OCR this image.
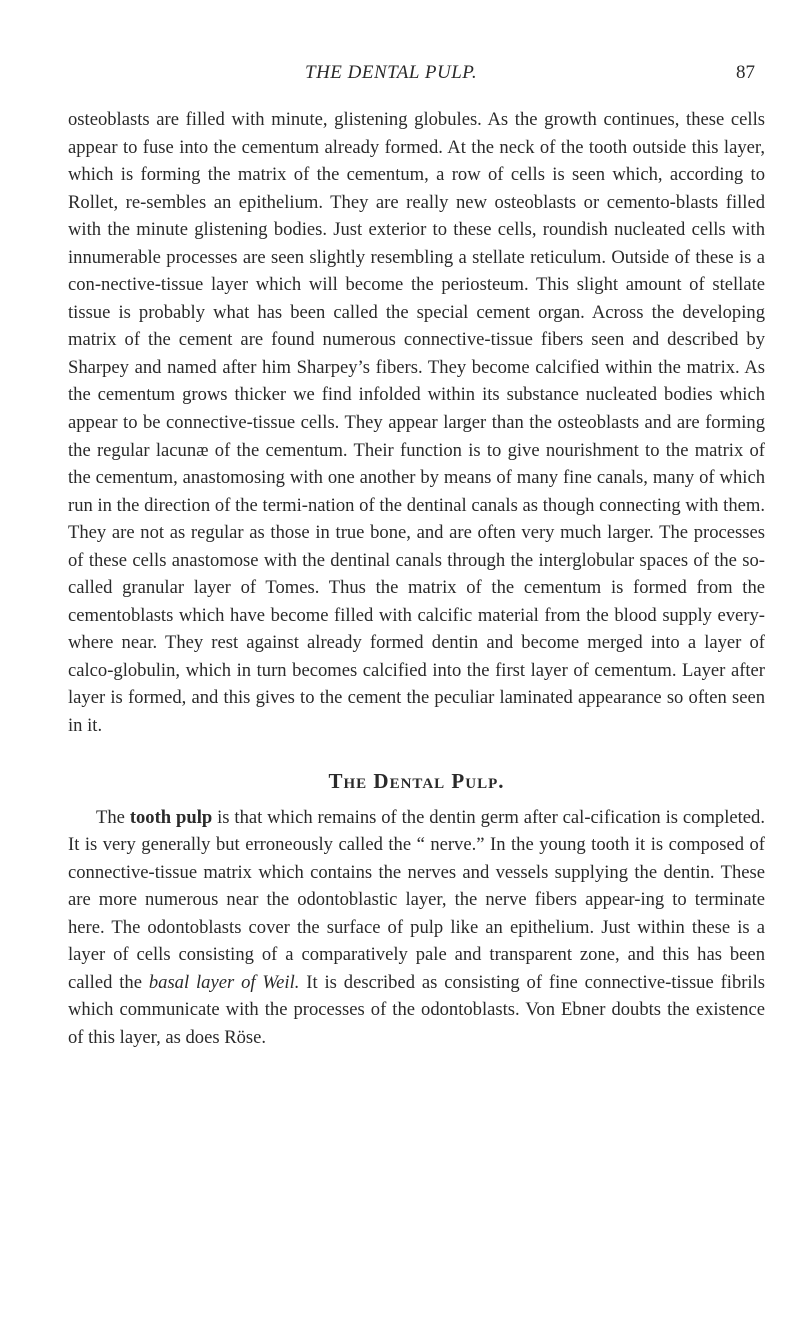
THE DENTAL PULP.	87

osteoblasts are filled with minute, glistening globules. As the growth continues, these cells appear to fuse into the cementum already formed. At the neck of the tooth outside this layer, which is forming the matrix of the cementum, a row of cells is seen which, according to Rollet, re-sembles an epithelium. They are really new osteoblasts or cemento-blasts filled with the minute glistening bodies. Just exterior to these cells, roundish nucleated cells with innumerable processes are seen slightly resembling a stellate reticulum. Outside of these is a con-nective-tissue layer which will become the periosteum. This slight amount of stellate tissue is probably what has been called the special cement organ. Across the developing matrix of the cement are found numerous connective-tissue fibers seen and described by Sharpey and named after him Sharpey’s fibers. They become calcified within the matrix. As the cementum grows thicker we find infolded within its substance nucleated bodies which appear to be connective-tissue cells. They appear larger than the osteoblasts and are forming the regular lacunæ of the cementum. Their function is to give nourishment to the matrix of the cementum, anastomosing with one another by means of many fine canals, many of which run in the direction of the termi-nation of the dentinal canals as though connecting with them. They are not as regular as those in true bone, and are often very much larger. The processes of these cells anastomose with the dentinal canals through the interglobular spaces of the so-called granular layer of Tomes. Thus the matrix of the cementum is formed from the cementoblasts which have become filled with calcific material from the blood supply every-where near. They rest against already formed dentin and become merged into a layer of calco-globulin, which in turn becomes calcified into the first layer of cementum. Layer after layer is formed, and this gives to the cement the peculiar laminated appearance so often seen in it.

The Dental Pulp.

The tooth pulp is that which remains of the dentin germ after cal-cification is completed. It is very generally but erroneously called the “ nerve.” In the young tooth it is composed of connective-tissue matrix which contains the nerves and vessels supplying the dentin. These are more numerous near the odontoblastic layer, the nerve fibers appear-ing to terminate here. The odontoblasts cover the surface of pulp like an epithelium. Just within these is a layer of cells consisting of a comparatively pale and transparent zone, and this has been called the basal layer of Weil. It is described as consisting of fine connective-tissue fibrils which communicate with the processes of the odontoblasts. Von Ebner doubts the existence of this layer, as does Röse.
